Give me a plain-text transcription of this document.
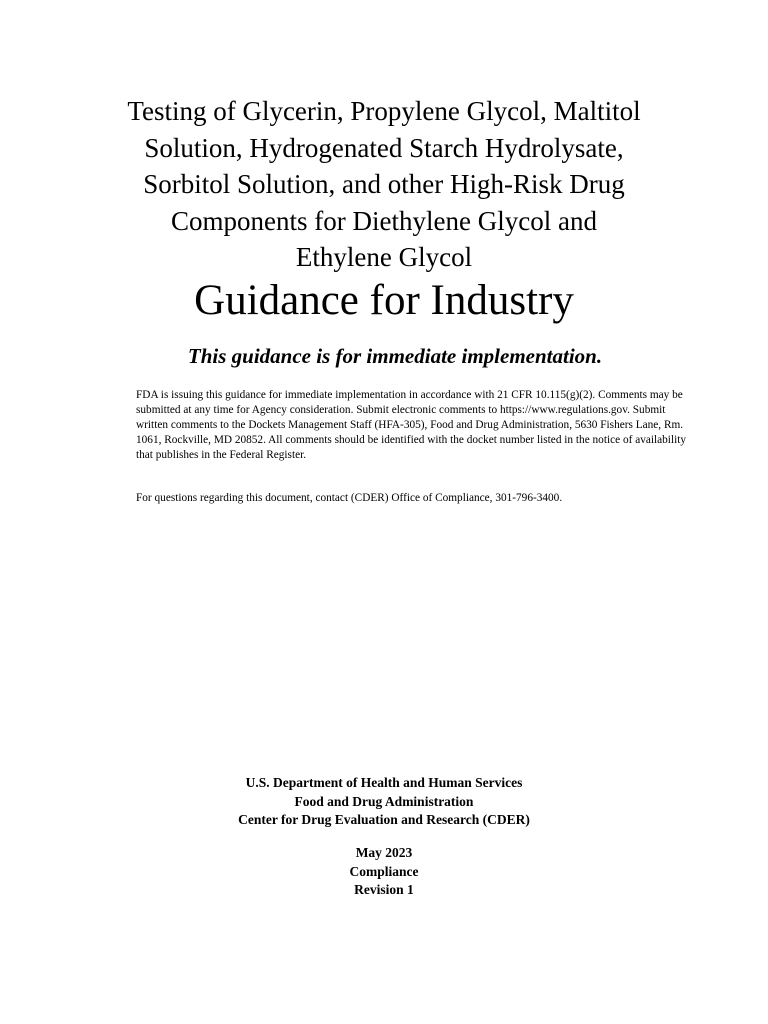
Testing of Glycerin, Propylene Glycol, Maltitol
Solution, Hydrogenated Starch Hydrolysate,
Sorbitol Solution, and other High-Risk Drug
Components for Diethylene Glycol and
Ethylene Glycol
Guidance for Industry

This guidance is for immediate implementation.

FDA is issuing this guidance for immediate implementation in accordance with 21 CFR 10.115(g)(2). Comments may be submitted at any time for Agency consideration. Submit electronic comments to https://www.regulations.gov. Submit written comments to the Dockets Management Staff (HFA-305), Food and Drug Administration, 5630 Fishers Lane, Rm. 1061, Rockville, MD 20852. All comments should be identified with the docket number listed in the notice of availability that publishes in the Federal Register.

For questions regarding this document, contact (CDER) Office of Compliance, 301-796-3400.

U.S. Department of Health and Human Services
Food and Drug Administration
Center for Drug Evaluation and Research (CDER)
May 2023
Compliance
Revision 1
